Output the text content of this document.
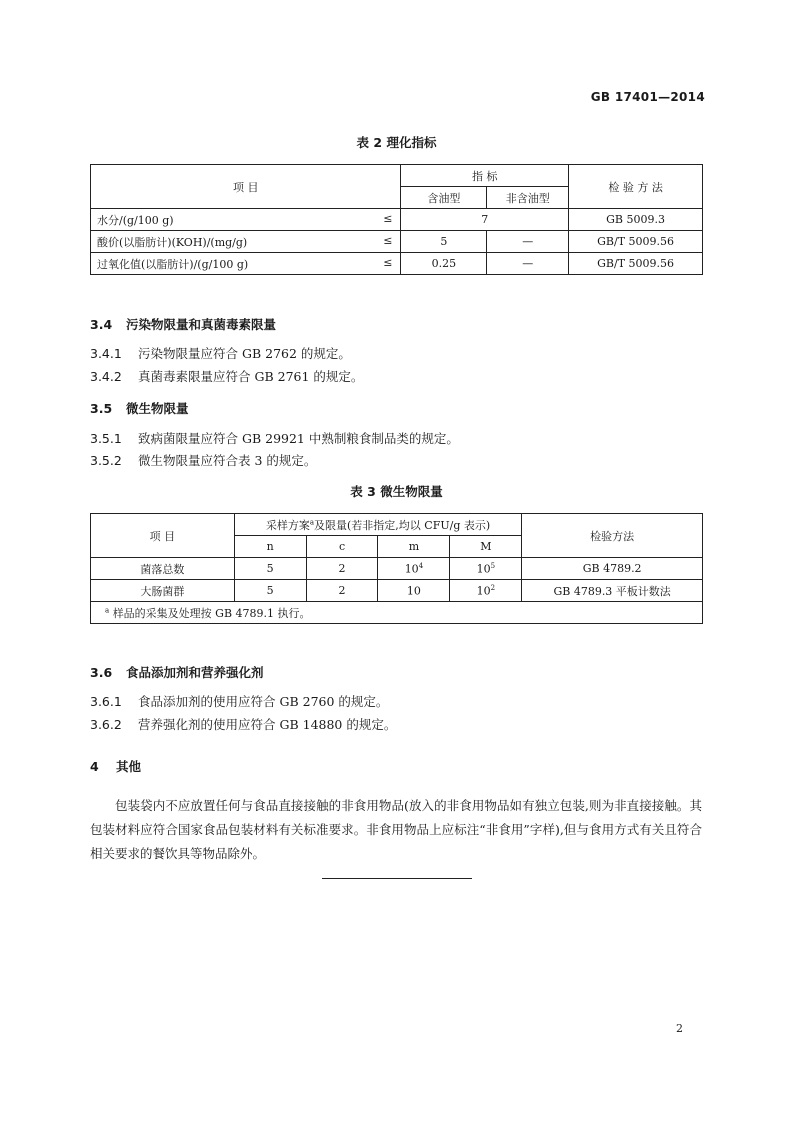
GB 17401—2014
表 2 理化指标
项 目	指 标		检 验 方 法
	含油型	非含油型	
水分/(g/100 g) ≤	7		GB 5009.3
酸价(以脂肪计)(KOH)/(mg/g) ≤	5	—	GB/T 5009.56
过氧化值(以脂肪计)/(g/100 g) ≤	0.25	—	GB/T 5009.56
3.4 污染物限量和真菌毒素限量
3.4.1 污染物限量应符合 GB 2762 的规定。
3.4.2 真菌毒素限量应符合 GB 2761 的规定。
3.5 微生物限量
3.5.1 致病菌限量应符合 GB 29921 中熟制粮食制品类的规定。
3.5.2 微生物限量应符合表 3 的规定。
表 3 微生物限量
项 目	采样方案$^a$及限量(若非指定,均以 CFU/g 表示)				检验方法
	n	c	m	M	
菌落总数	5	2	$10^4$	$10^5$	GB 4789.2
大肠菌群	5	2	10	$10^2$	GB 4789.3 平板计数法
$^a$ 样品的采集及处理按 GB 4789.1 执行。					
3.6 食品添加剂和营养强化剂
3.6.1 食品添加剂的使用应符合 GB 2760 的规定。
3.6.2 营养强化剂的使用应符合 GB 14880 的规定。
4 其他
包装袋内不应放置任何与食品直接接触的非食用物品(放入的非食用物品如有独立包装,则为非直接接触。其包装材料应符合国家食品包装材料有关标准要求。非食用物品上应标注“非食用”字样),但与食用方式有关且符合相关要求的餐饮具等物品除外。
2
